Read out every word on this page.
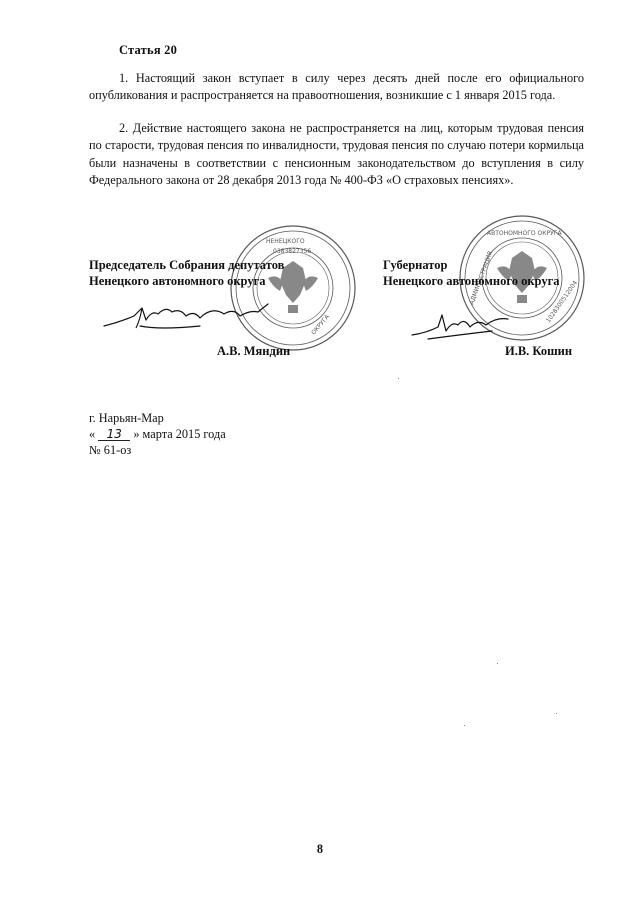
Статья 20
1. Настоящий закон вступает в силу через десять дней после его официального опубликования и распространяется на правоотношения, возникшие с 1 января 2015 года.
2. Действие настоящего закона не распространяется на лиц, которым трудовая пенсия по старости, трудовая пенсия по инвалидности, трудовая пенсия по случаю потери кормильца были назначены в соответствии с пенсионным законодательством до вступления в силу Федерального закона от 28 декабря 2013 года № 400-ФЗ «О страховых пенсиях».
НЕНЕЦКОГО
0383827356
ОКРУГА
АВТОНОМНОГО ОКРУГА
АДМИНИСТРАЦИЯ	1028300512004
Председатель Собрания депутатов
Ненецкого автономного округа
Губернатор
Ненецкого автономного округа
А.В. Мяндин	И.В. Кошин
г. Нарьян-Мар
« 13 » марта 2015 года
№ 61-оз
8
